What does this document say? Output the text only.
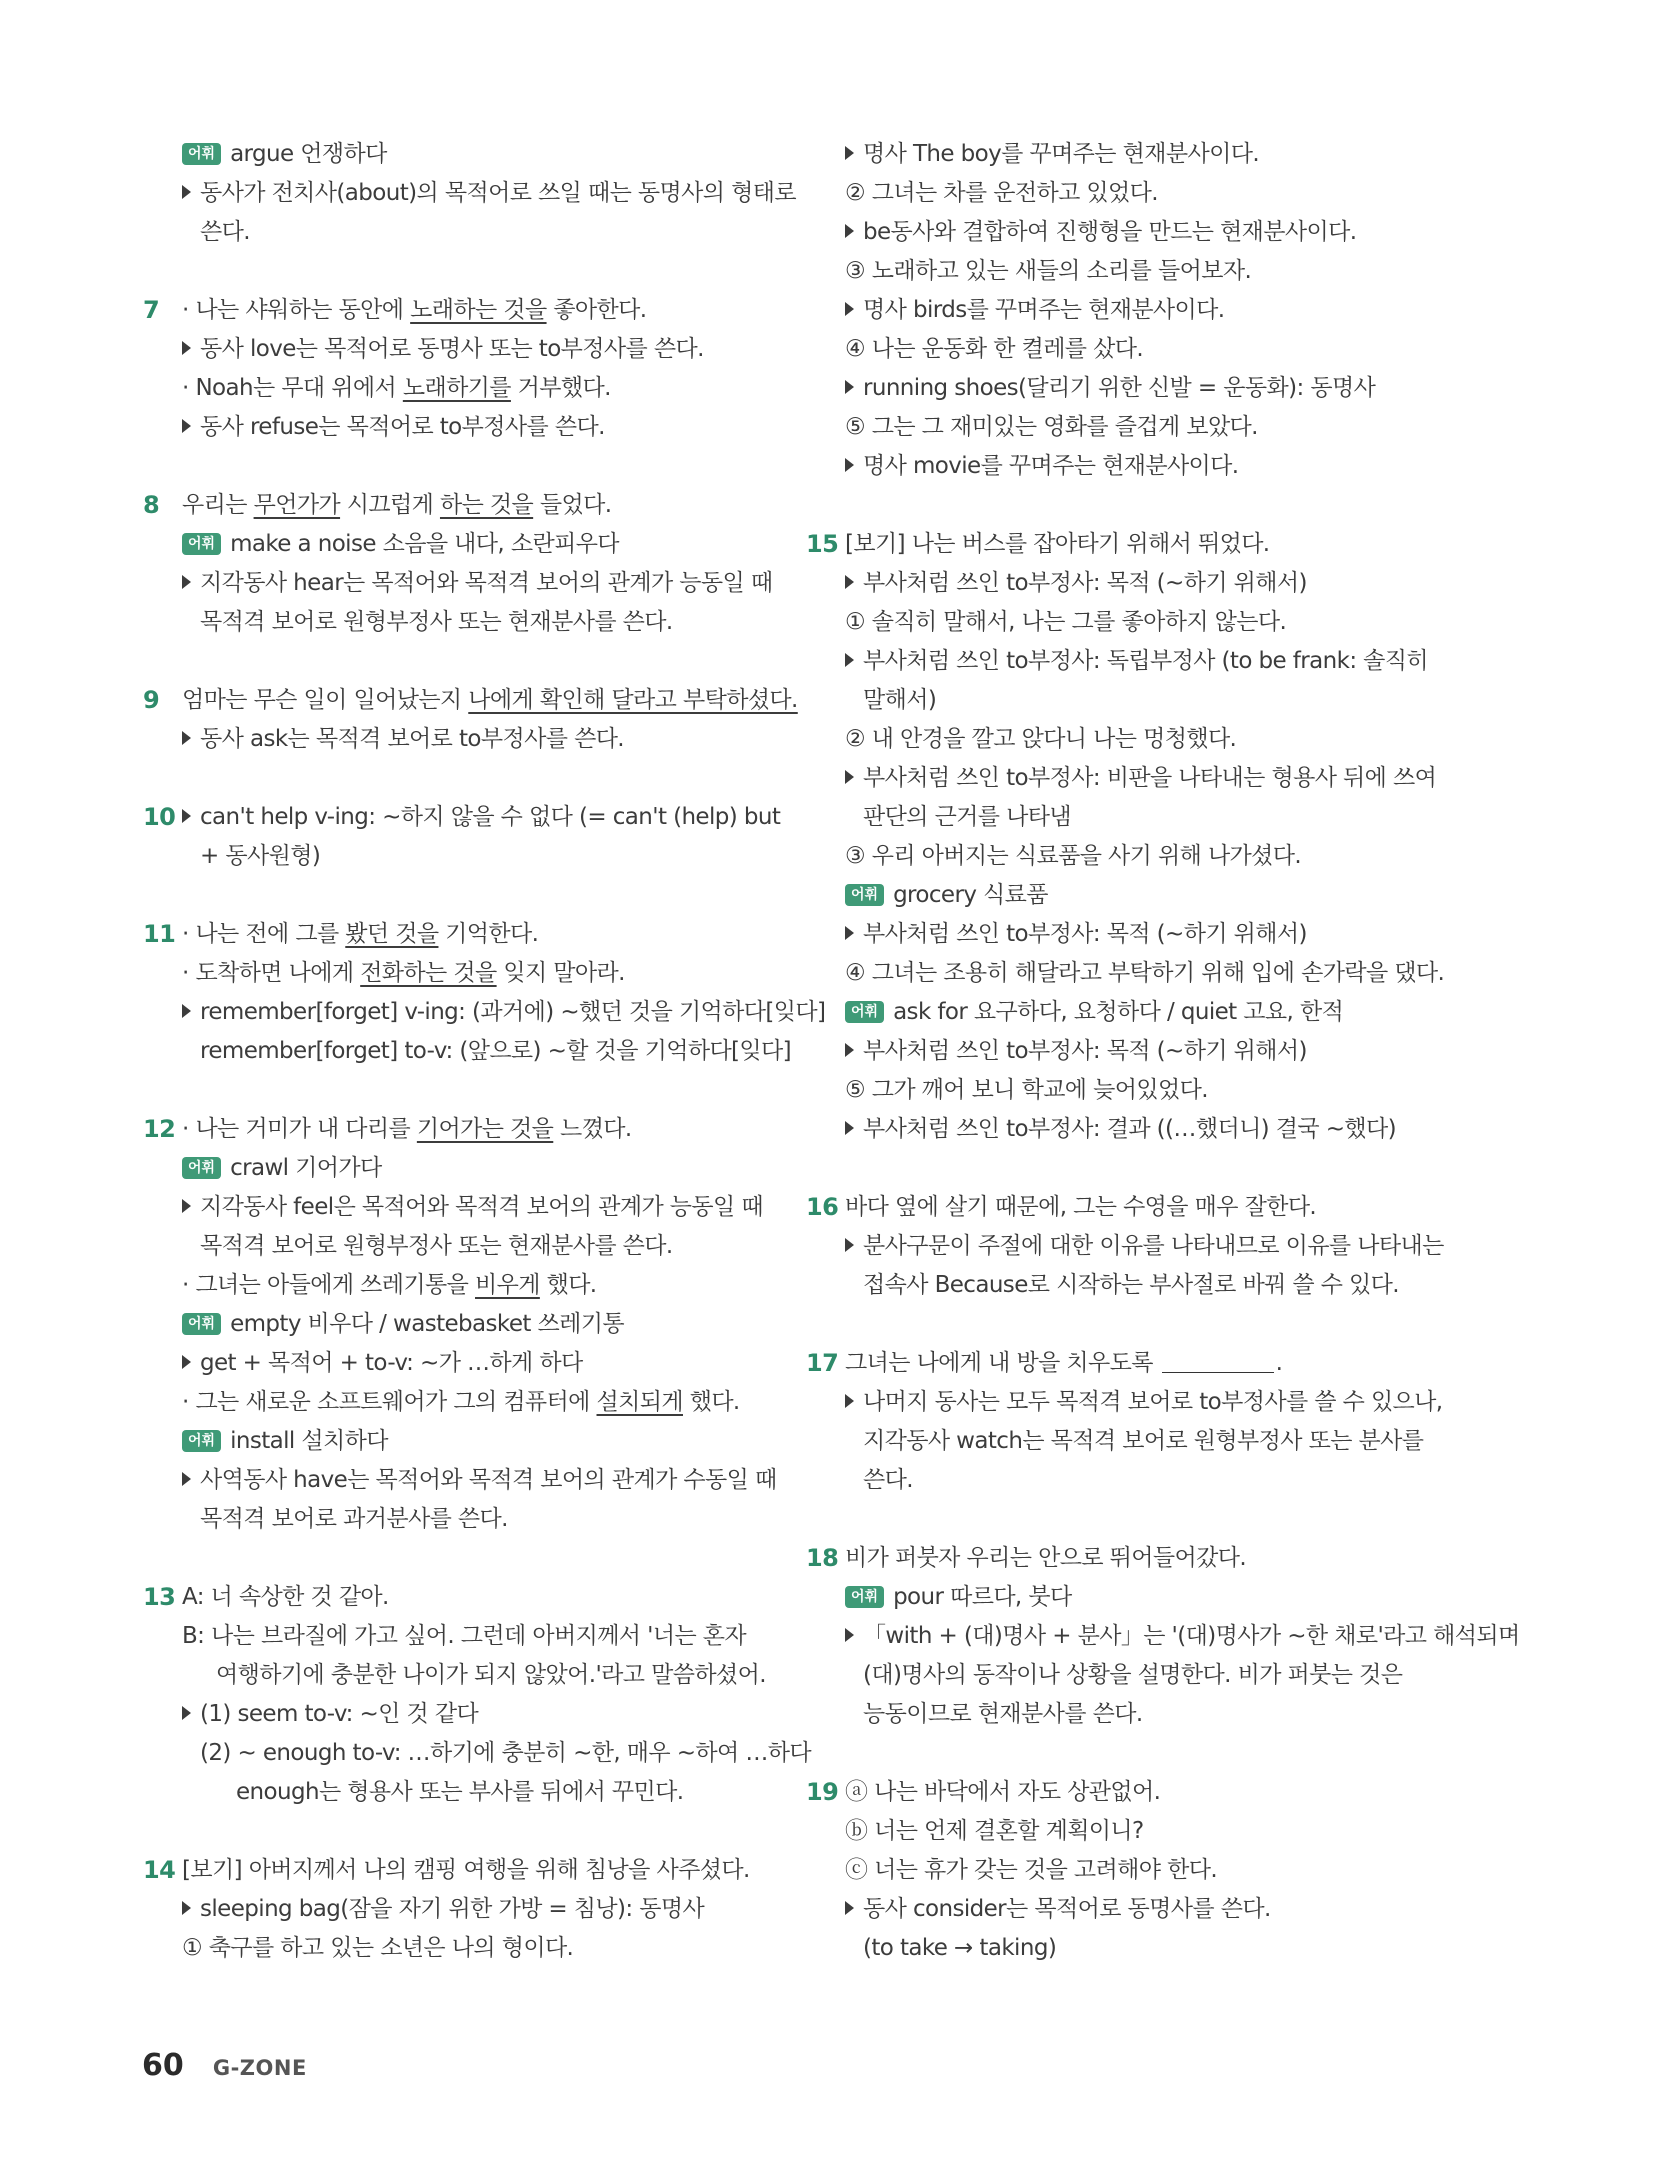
어휘 argue 언쟁하다
동사가 전치사(about)의 목적어로 쓰일 때는 동명사의 형태로
쓴다.
7 · 나는 샤워하는 동안에 노래하는 것을 좋아한다.
동사 love는 목적어로 동명사 또는 to부정사를 쓴다.
· Noah는 무대 위에서 노래하기를 거부했다.
동사 refuse는 목적어로 to부정사를 쓴다.
8 우리는 무언가가 시끄럽게 하는 것을 들었다.
어휘 make a noise 소음을 내다, 소란피우다
지각동사 hear는 목적어와 목적격 보어의 관계가 능동일 때
목적격 보어로 원형부정사 또는 현재분사를 쓴다.
9 엄마는 무슨 일이 일어났는지 나에게 확인해 달라고 부탁하셨다.
동사 ask는 목적격 보어로 to부정사를 쓴다.
10 can't help v-ing: ~하지 않을 수 없다 (= can't (help) but
+ 동사원형)
11 · 나는 전에 그를 봤던 것을 기억한다.
· 도착하면 나에게 전화하는 것을 잊지 말아라.
remember[forget] v-ing: (과거에) ~했던 것을 기억하다[잊다]
remember[forget] to-v: (앞으로) ~할 것을 기억하다[잊다]
12 · 나는 거미가 내 다리를 기어가는 것을 느꼈다.
어휘 crawl 기어가다
지각동사 feel은 목적어와 목적격 보어의 관계가 능동일 때
목적격 보어로 원형부정사 또는 현재분사를 쓴다.
· 그녀는 아들에게 쓰레기통을 비우게 했다.
어휘 empty 비우다 / wastebasket 쓰레기통
get + 목적어 + to-v: ~가 …하게 하다
· 그는 새로운 소프트웨어가 그의 컴퓨터에 설치되게 했다.
어휘 install 설치하다
사역동사 have는 목적어와 목적격 보어의 관계가 수동일 때
목적격 보어로 과거분사를 쓴다.
13 A: 너 속상한 것 같아.
B: 나는 브라질에 가고 싶어. 그런데 아버지께서 '너는 혼자
여행하기에 충분한 나이가 되지 않았어.'라고 말씀하셨어.
(1) seem to-v: ~인 것 같다
(2) ~ enough to-v: …하기에 충분히 ~한, 매우 ~하여 …하다
enough는 형용사 또는 부사를 뒤에서 꾸민다.
14 [보기] 아버지께서 나의 캠핑 여행을 위해 침낭을 사주셨다.
sleeping bag(잠을 자기 위한 가방 = 침낭): 동명사
① 축구를 하고 있는 소년은 나의 형이다.
명사 The boy를 꾸며주는 현재분사이다.
② 그녀는 차를 운전하고 있었다.
be동사와 결합하여 진행형을 만드는 현재분사이다.
③ 노래하고 있는 새들의 소리를 들어보자.
명사 birds를 꾸며주는 현재분사이다.
④ 나는 운동화 한 켤레를 샀다.
running shoes(달리기 위한 신발 = 운동화): 동명사
⑤ 그는 그 재미있는 영화를 즐겁게 보았다.
명사 movie를 꾸며주는 현재분사이다.
15 [보기] 나는 버스를 잡아타기 위해서 뛰었다.
부사처럼 쓰인 to부정사: 목적 (~하기 위해서)
① 솔직히 말해서, 나는 그를 좋아하지 않는다.
부사처럼 쓰인 to부정사: 독립부정사 (to be frank: 솔직히
말해서)
② 내 안경을 깔고 앉다니 나는 멍청했다.
부사처럼 쓰인 to부정사: 비판을 나타내는 형용사 뒤에 쓰여
판단의 근거를 나타냄
③ 우리 아버지는 식료품을 사기 위해 나가셨다.
어휘 grocery 식료품
부사처럼 쓰인 to부정사: 목적 (~하기 위해서)
④ 그녀는 조용히 해달라고 부탁하기 위해 입에 손가락을 댔다.
어휘 ask for 요구하다, 요청하다 / quiet 고요, 한적
부사처럼 쓰인 to부정사: 목적 (~하기 위해서)
⑤ 그가 깨어 보니 학교에 늦어있었다.
부사처럼 쓰인 to부정사: 결과 ((…했더니) 결국 ~했다)
16 바다 옆에 살기 때문에, 그는 수영을 매우 잘한다.
분사구문이 주절에 대한 이유를 나타내므로 이유를 나타내는
접속사 Because로 시작하는 부사절로 바꿔 쓸 수 있다.
17 그녀는 나에게 내 방을 치우도록	.
나머지 동사는 모두 목적격 보어로 to부정사를 쓸 수 있으나,
지각동사 watch는 목적격 보어로 원형부정사 또는 분사를
쓴다.
18 비가 퍼붓자 우리는 안으로 뛰어들어갔다.
어휘 pour 따르다, 붓다
「with + (대)명사 + 분사」는 '(대)명사가 ~한 채로'라고 해석되며
(대)명사의 동작이나 상황을 설명한다. 비가 퍼붓는 것은
능동이므로 현재분사를 쓴다.
19 ⓐ 나는 바닥에서 자도 상관없어.
ⓑ 너는 언제 결혼할 계획이니?
ⓒ 너는 휴가 갖는 것을 고려해야 한다.
동사 consider는 목적어로 동명사를 쓴다.
(to take → taking)
60 G-ZONE
